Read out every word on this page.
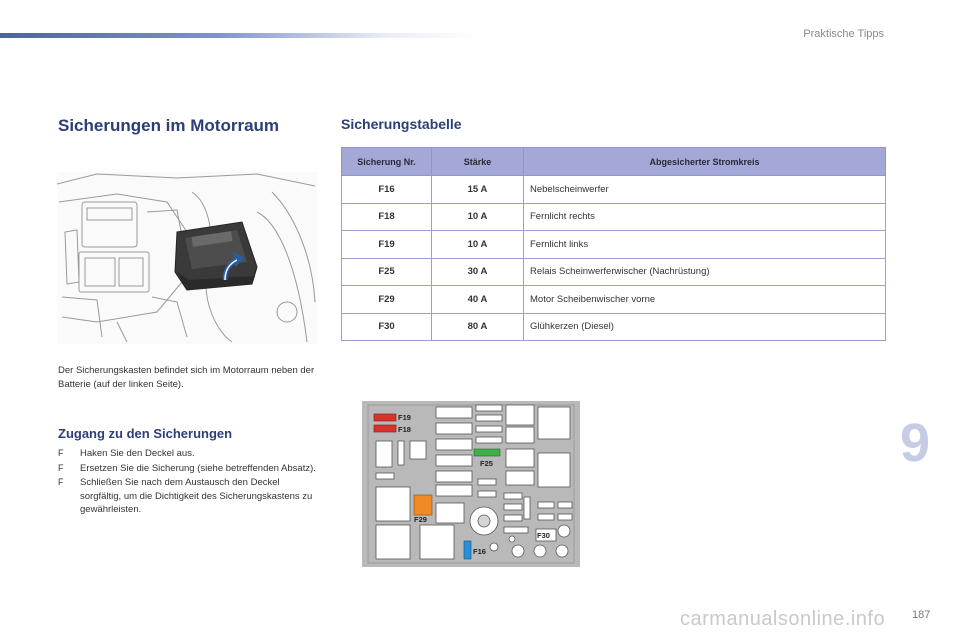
Praktische Tipps
Sicherungen im Motorraum	Sicherungstabelle

Der Sicherungskasten befindet sich im Motorraum neben der Batterie (auf der linken Seite).

Zugang zu den Sicherungen
F Haken Sie den Deckel aus.
F Ersetzen Sie die Sicherung (siehe betreffenden Absatz).
F Schließen Sie nach dem Austausch den Deckel sorgfältig, um die Dichtigkeit des Sicherungskastens zu gewährleisten.
Sicherung Nr.	Stärke	Abgesicherter Stromkreis
F16	15 A	Nebelscheinwerfer
F18	10 A	Fernlicht rechts
F19	10 A	Fernlicht links
F25	30 A	Relais Scheinwerferwischer (Nachrüstung)
F29	40 A	Motor Scheibenwischer vorne
F30	80 A	Glühkerzen (Diesel)
F19
F18
F25
F29
F30
F16
9
carmanualsonline.info 187
